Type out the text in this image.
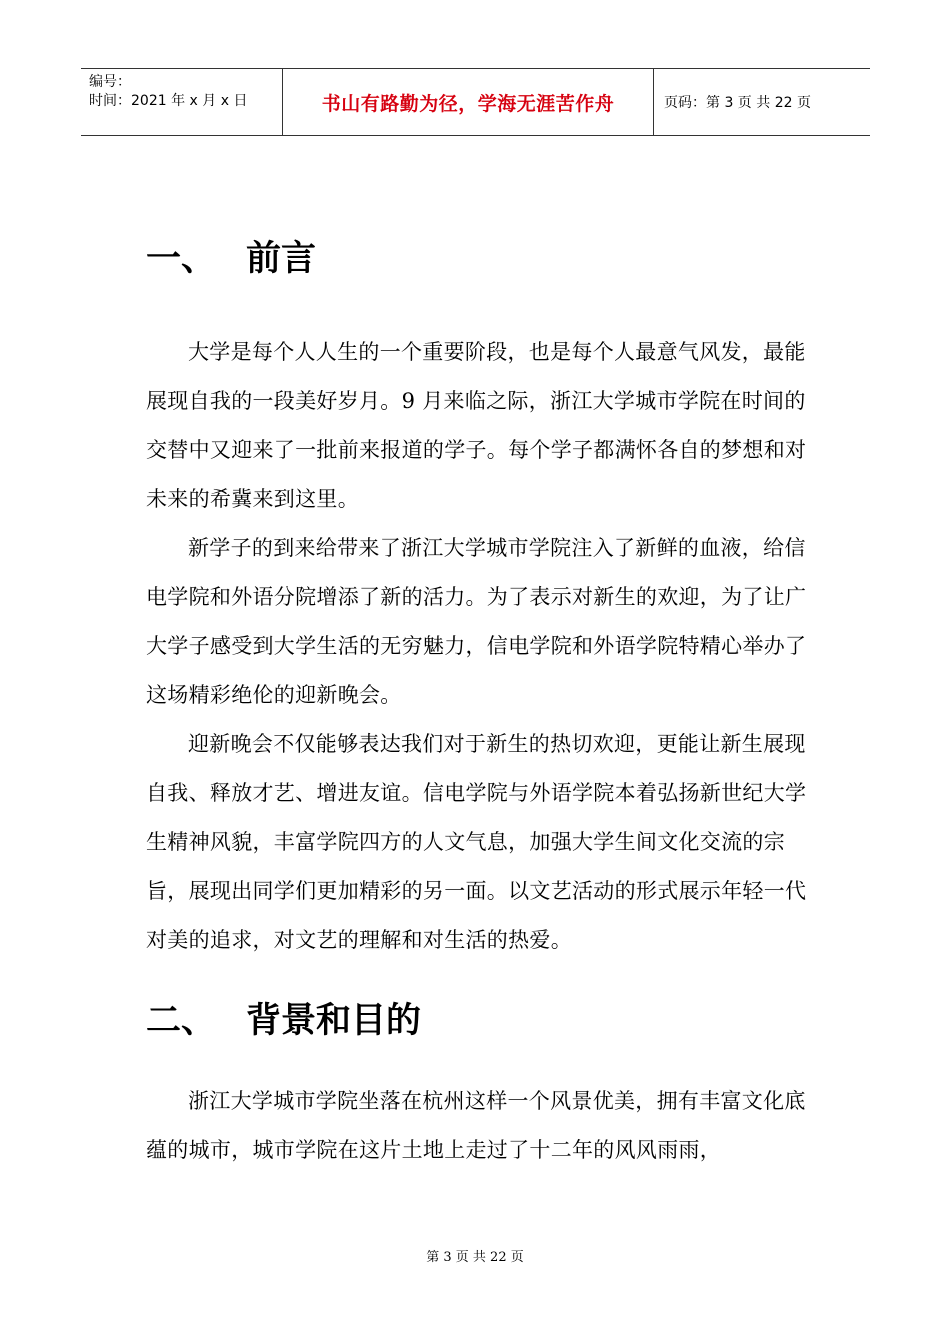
编号：
时间：2021 年 x 月 x 日	书山有路勤为径，学海无涯苦作舟	页码：第 3 页 共 22 页
一、 前言

大学是每个人人生的一个重要阶段，也是每个人最意气风发，最能展现自我的一段美好岁月。9 月来临之际，浙江大学城市学院在时间的交替中又迎来了一批前来报道的学子。每个学子都满怀各自的梦想和对未来的希冀来到这里。

新学子的到来给带来了浙江大学城市学院注入了新鲜的血液，给信电学院和外语分院增添了新的活力。为了表示对新生的欢迎，为了让广大学子感受到大学生活的无穷魅力，信电学院和外语学院特精心举办了这场精彩绝伦的迎新晚会。

迎新晚会不仅能够表达我们对于新生的热切欢迎，更能让新生展现自我、释放才艺、增进友谊。信电学院与外语学院本着弘扬新世纪大学生精神风貌，丰富学院四方的人文气息，加强大学生间文化交流的宗旨，展现出同学们更加精彩的另一面。以文艺活动的形式展示年轻一代对美的追求，对文艺的理解和对生活的热爱。

二、 背景和目的

浙江大学城市学院坐落在杭州这样一个风景优美，拥有丰富文化底蕴的城市，城市学院在这片土地上走过了十二年的风风雨雨，

第 3 页 共 22 页
